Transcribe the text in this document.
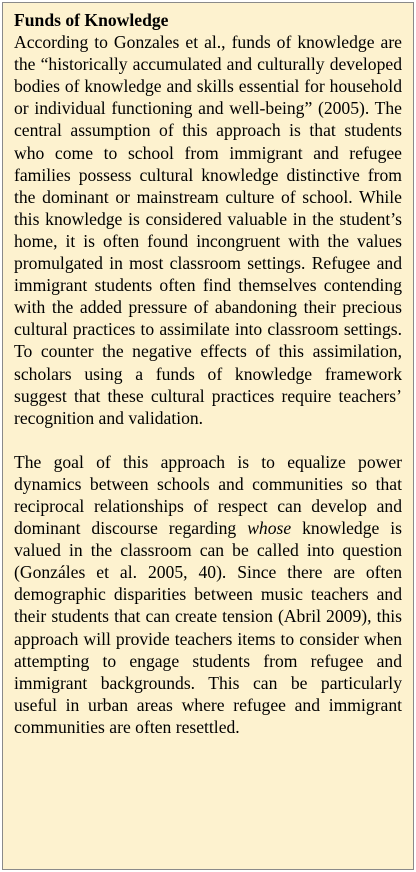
Funds of Knowledge

According to Gonzales et al., funds of knowledge are the “historically accumulated and culturally developed bodies of knowledge and skills essential for household or individual functioning and well-being” (2005). The central assumption of this approach is that students who come to school from immigrant and refugee families possess cultural knowledge distinctive from the dominant or mainstream culture of school. While this knowledge is considered valuable in the student’s home, it is often found incongruent with the values promulgated in most classroom settings. Refugee and immigrant students often find themselves contending with the added pressure of abandoning their precious cultural practices to assimilate into classroom settings. To counter the negative effects of this assimilation, scholars using a funds of knowledge framework suggest that these cultural practices require teachers’ recognition and validation.

The goal of this approach is to equalize power dynamics between schools and communities so that reciprocal relationships of respect can develop and dominant discourse regarding whose knowledge is valued in the classroom can be called into question (Gonzáles et al. 2005, 40). Since there are often demographic disparities between music teachers and their students that can create tension (Abril 2009), this approach will provide teachers items to consider when attempting to engage students from refugee and immigrant backgrounds. This can be particularly useful in urban areas where refugee and immigrant communities are often resettled.
